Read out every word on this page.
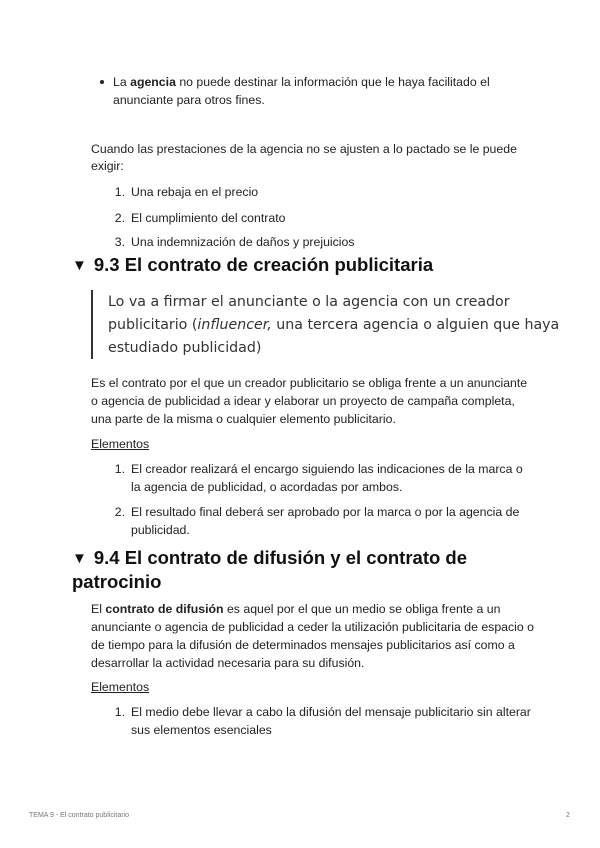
La agencia no puede destinar la información que le haya facilitado el
anunciante para otros fines.
Cuando las prestaciones de la agencia no se ajusten a lo pactado se le puede
exigir:
1. Una rebaja en el precio
2. El cumplimiento del contrato
3. Una indemnización de daños y prejuicios
▼ 9.3 El contrato de creación publicitaria
Lo va a firmar el anunciante o la agencia con un creador
publicitario (influencer, una tercera agencia o alguien que haya
estudiado publicidad)
Es el contrato por el que un creador publicitario se obliga frente a un anunciante
o agencia de publicidad a idear y elaborar un proyecto de campaña completa,
una parte de la misma o cualquier elemento publicitario.
Elementos
1. El creador realizará el encargo siguiendo las indicaciones de la marca o
la agencia de publicidad, o acordadas por ambos.
2. El resultado final deberá ser aprobado por la marca o por la agencia de
publicidad.
▼ 9.4 El contrato de difusión y el contrato de
patrocinio
El contrato de difusión es aquel por el que un medio se obliga frente a un
anunciante o agencia de publicidad a ceder la utilización publicitaria de espacio o
de tiempo para la difusión de determinados mensajes publicitarios así como a
desarrollar la actividad necesaria para su difusión.
Elementos
1. El medio debe llevar a cabo la difusión del mensaje publicitario sin alterar
sus elementos esenciales
TEMA 9 - El contrato publicitario	2
